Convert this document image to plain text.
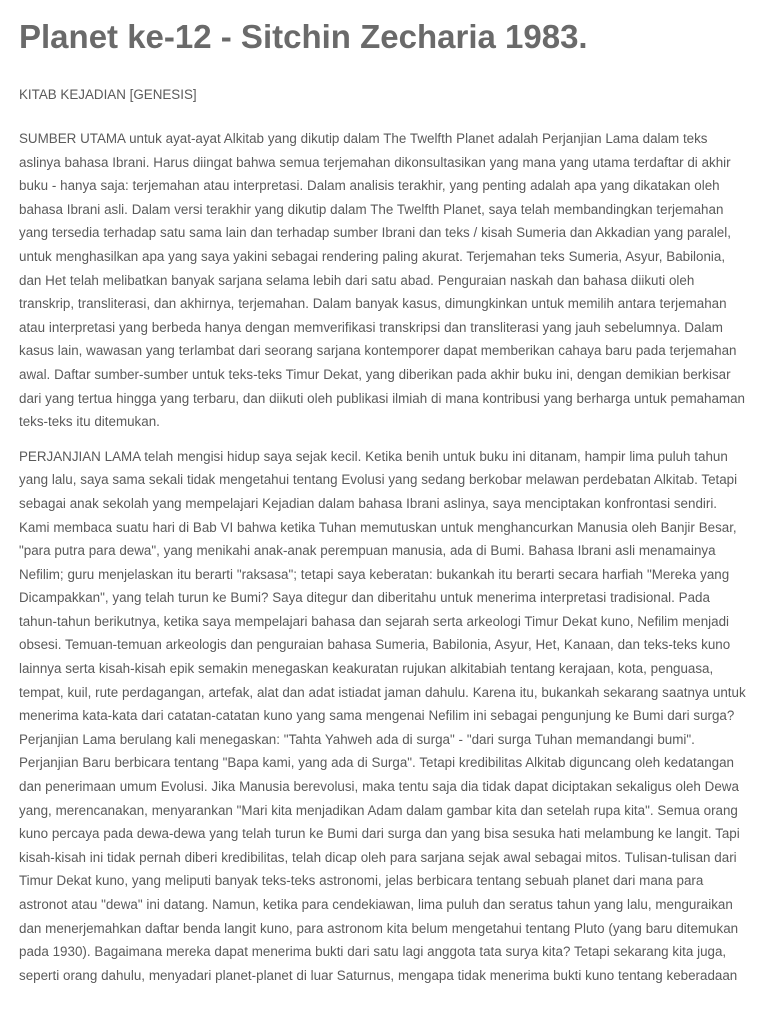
Planet ke-12 - Sitchin Zecharia 1983.

KITAB KEJADIAN [GENESIS]

SUMBER UTAMA untuk ayat-ayat Alkitab yang dikutip dalam The Twelfth Planet adalah Perjanjian Lama dalam teks aslinya bahasa Ibrani. Harus diingat bahwa semua terjemahan dikonsultasikan yang mana yang utama terdaftar di akhir buku - hanya saja: terjemahan atau interpretasi. Dalam analisis terakhir, yang penting adalah apa yang dikatakan oleh bahasa Ibrani asli. Dalam versi terakhir yang dikutip dalam The Twelfth Planet, saya telah membandingkan terjemahan yang tersedia terhadap satu sama lain dan terhadap sumber Ibrani dan teks / kisah Sumeria dan Akkadian yang paralel, untuk menghasilkan apa yang saya yakini sebagai rendering paling akurat. Terjemahan teks Sumeria, Asyur, Babilonia, dan Het telah melibatkan banyak sarjana selama lebih dari satu abad. Penguraian naskah dan bahasa diikuti oleh transkrip, transliterasi, dan akhirnya, terjemahan. Dalam banyak kasus, dimungkinkan untuk memilih antara terjemahan atau interpretasi yang berbeda hanya dengan memverifikasi transkripsi dan transliterasi yang jauh sebelumnya. Dalam kasus lain, wawasan yang terlambat dari seorang sarjana kontemporer dapat memberikan cahaya baru pada terjemahan awal. Daftar sumber-sumber untuk teks-teks Timur Dekat, yang diberikan pada akhir buku ini, dengan demikian berkisar dari yang tertua hingga yang terbaru, dan diikuti oleh publikasi ilmiah di mana kontribusi yang berharga untuk pemahaman teks-teks itu ditemukan.

PERJANJIAN LAMA telah mengisi hidup saya sejak kecil. Ketika benih untuk buku ini ditanam, hampir lima puluh tahun yang lalu, saya sama sekali tidak mengetahui tentang Evolusi yang sedang berkobar melawan perdebatan Alkitab. Tetapi sebagai anak sekolah yang mempelajari Kejadian dalam bahasa Ibrani aslinya, saya menciptakan konfrontasi sendiri. Kami membaca suatu hari di Bab VI bahwa ketika Tuhan memutuskan untuk menghancurkan Manusia oleh Banjir Besar, "para putra para dewa", yang menikahi anak-anak perempuan manusia, ada di Bumi. Bahasa Ibrani asli menamainya Nefilim; guru menjelaskan itu berarti "raksasa"; tetapi saya keberatan: bukankah itu berarti secara harfiah "Mereka yang Dicampakkan", yang telah turun ke Bumi? Saya ditegur dan diberitahu untuk menerima interpretasi tradisional. Pada tahun-tahun berikutnya, ketika saya mempelajari bahasa dan sejarah serta arkeologi Timur Dekat kuno, Nefilim menjadi obsesi. Temuan-temuan arkeologis dan penguraian bahasa Sumeria, Babilonia, Asyur, Het, Kanaan, dan teks-teks kuno lainnya serta kisah-kisah epik semakin menegaskan keakuratan rujukan alkitabiah tentang kerajaan, kota, penguasa, tempat, kuil, rute perdagangan, artefak, alat dan adat istiadat jaman dahulu. Karena itu, bukankah sekarang saatnya untuk menerima kata-kata dari catatan-catatan kuno yang sama mengenai Nefilim ini sebagai pengunjung ke Bumi dari surga? Perjanjian Lama berulang kali menegaskan: "Tahta Yahweh ada di surga" - "dari surga Tuhan memandangi bumi". Perjanjian Baru berbicara tentang "Bapa kami, yang ada di Surga". Tetapi kredibilitas Alkitab diguncang oleh kedatangan dan penerimaan umum Evolusi. Jika Manusia berevolusi, maka tentu saja dia tidak dapat diciptakan sekaligus oleh Dewa yang, merencanakan, menyarankan "Mari kita menjadikan Adam dalam gambar kita dan setelah rupa kita". Semua orang kuno percaya pada dewa-dewa yang telah turun ke Bumi dari surga dan yang bisa sesuka hati melambung ke langit. Tapi kisah-kisah ini tidak pernah diberi kredibilitas, telah dicap oleh para sarjana sejak awal sebagai mitos. Tulisan-tulisan dari Timur Dekat kuno, yang meliputi banyak teks-teks astronomi, jelas berbicara tentang sebuah planet dari mana para astronot atau "dewa" ini datang. Namun, ketika para cendekiawan, lima puluh dan seratus tahun yang lalu, menguraikan dan menerjemahkan daftar benda langit kuno, para astronom kita belum mengetahui tentang Pluto (yang baru ditemukan pada 1930). Bagaimana mereka dapat menerima bukti dari satu lagi anggota tata surya kita? Tetapi sekarang kita juga, seperti orang dahulu, menyadari planet-planet di luar Saturnus, mengapa tidak menerima bukti kuno tentang keberadaan
